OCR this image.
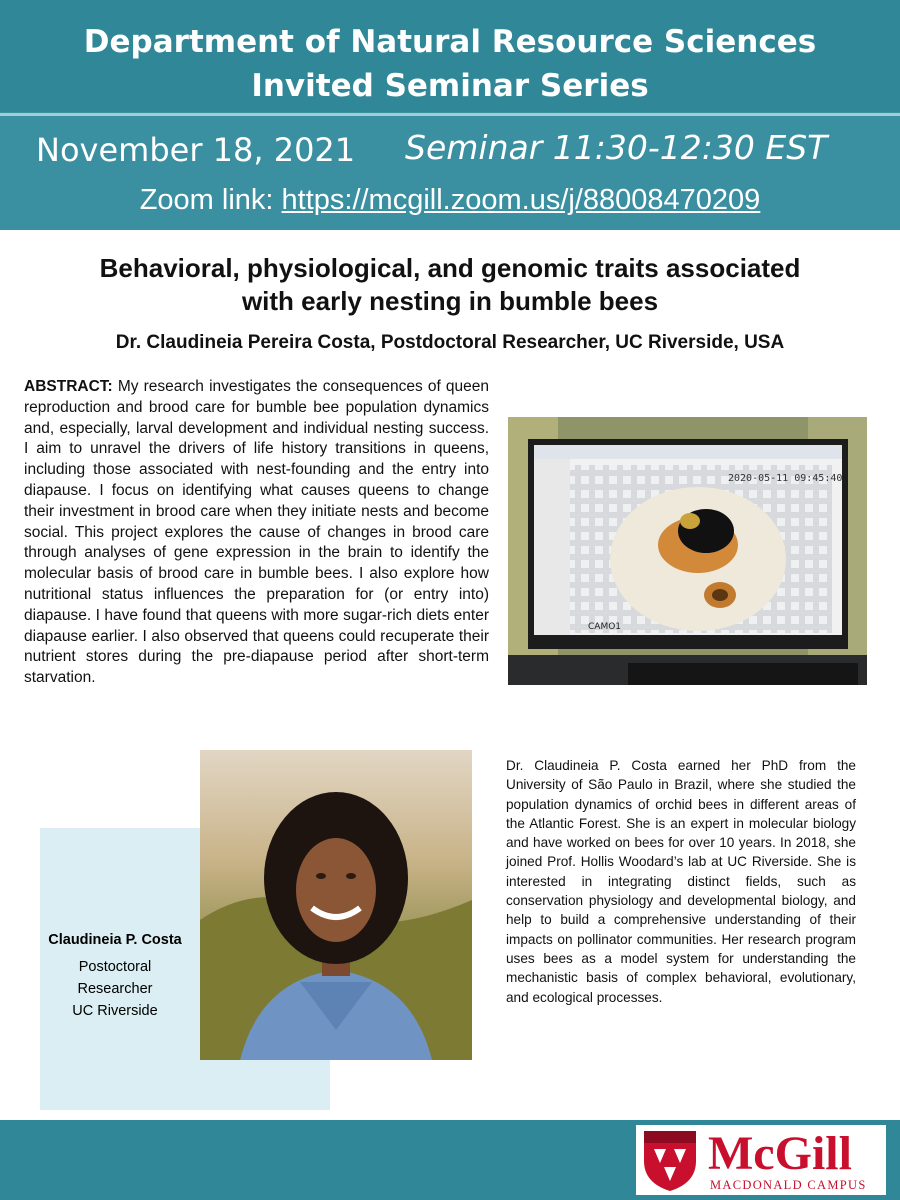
Department of Natural Resource Sciences
Invited Seminar Series
November 18, 2021 Seminar 11:30-12:30 EST
Zoom link: https://mcgill.zoom.us/j/88008470209
Behavioral, physiological, and genomic traits associated
with early nesting in bumble bees
Dr. Claudineia Pereira Costa, Postdoctoral Researcher, UC Riverside, USA
ABSTRACT: My research investigates the consequences of queen reproduction and brood care for bumble bee population dynamics and, especially, larval development and individual nesting success. I aim to unravel the drivers of life history transitions in queens, including those associated with nest-founding and the entry into diapause. I focus on identifying what causes queens to change their investment in brood care when they initiate nests and become social. This project explores the cause of changes in brood care through analyses of gene expression in the brain to identify the molecular basis of brood care in bumble bees. I also explore how nutritional status influences the preparation for (or entry into) diapause. I have found that queens with more sugar-rich diets enter diapause earlier. I also observed that queens could recuperate their nutrient stores during the pre-diapause period after short-term starvation.
2020-05-11 09:45:40
CAMO1
Claudineia P. Costa
Postoctoral
Researcher
UC Riverside
Dr. Claudineia P. Costa earned her PhD from the University of São Paulo in Brazil, where she studied the population dynamics of orchid bees in different areas of the Atlantic Forest. She is an expert in molecular biology and have worked on bees for over 10 years. In 2018, she joined Prof. Hollis Woodard’s lab at UC Riverside. She is interested in integrating distinct fields, such as conservation physiology and developmental biology, and help to build a comprehensive understanding of their impacts on pollinator communities. Her research program uses bees as a model system for understanding the mechanistic basis of complex behavioral, evolutionary, and ecological processes.
McGill
MACDONALD CAMPUS
